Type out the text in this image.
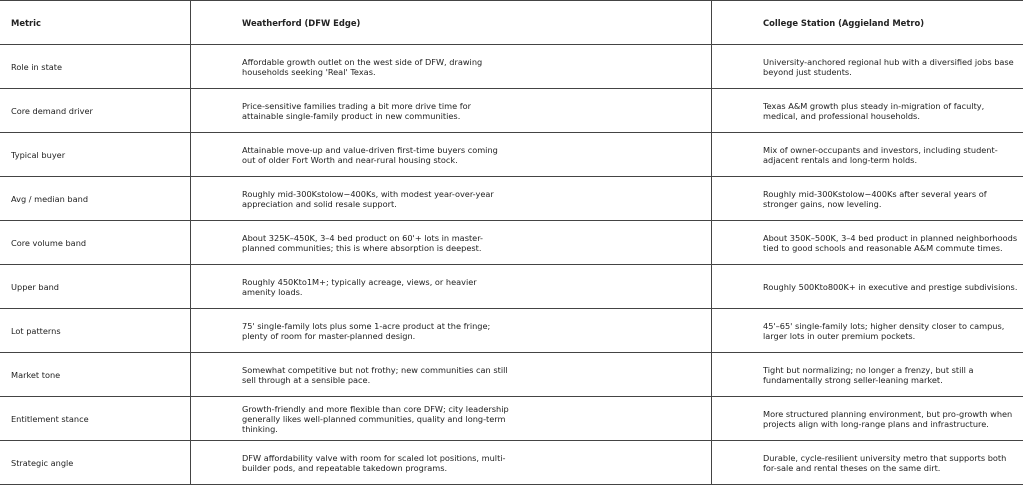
Metric	Weatherford (DFW Edge)	College Station (Aggieland Metro)
Role in state	Affordable growth outlet on the west side of DFW, drawing households seeking 'Real' Texas.	University-anchored regional hub with a diversified jobs base beyond just students.
Core demand driver	Price-sensitive families trading a bit more drive time for attainable single-family product in new communities.	Texas A&M growth plus steady in-migration of faculty, medical, and professional households.
Typical buyer	Attainable move-up and value-driven first-time buyers coming out of older Fort Worth and near-rural housing stock.	Mix of owner-occupants and investors, including student-adjacent rentals and long-term holds.
Avg / median band	Roughly mid-300Kstolow−400Ks, with modest year-over-year appreciation and solid resale support.	Roughly mid-300Kstolow−400Ks after several years of stronger gains, now leveling.
Core volume band	About 325K–450K, 3–4 bed product on 60'+ lots in master-planned communities; this is where absorption is deepest.	About 350K–500K, 3–4 bed product in planned neighborhoods tied to good schools and reasonable A&M commute times.
Upper band	Roughly 450Kto1M+; typically acreage, views, or heavier amenity loads.	Roughly 500Kto800K+ in executive and prestige subdivisions.
Lot patterns	75' single-family lots plus some 1-acre product at the fringe; plenty of room for master-planned design.	45'–65' single-family lots; higher density closer to campus, larger lots in outer premium pockets.
Market tone	Somewhat competitive but not frothy; new communities can still sell through at a sensible pace.	Tight but normalizing; no longer a frenzy, but still a fundamentally strong seller-leaning market.
Entitlement stance	Growth-friendly and more flexible than core DFW; city leadership generally likes well-planned communities, quality and long-term thinking.	More structured planning environment, but pro-growth when projects align with long-range plans and infrastructure.
Strategic angle	DFW affordability valve with room for scaled lot positions, multi-builder pods, and repeatable takedown programs.	Durable, cycle-resilient university metro that supports both for-sale and rental theses on the same dirt.
